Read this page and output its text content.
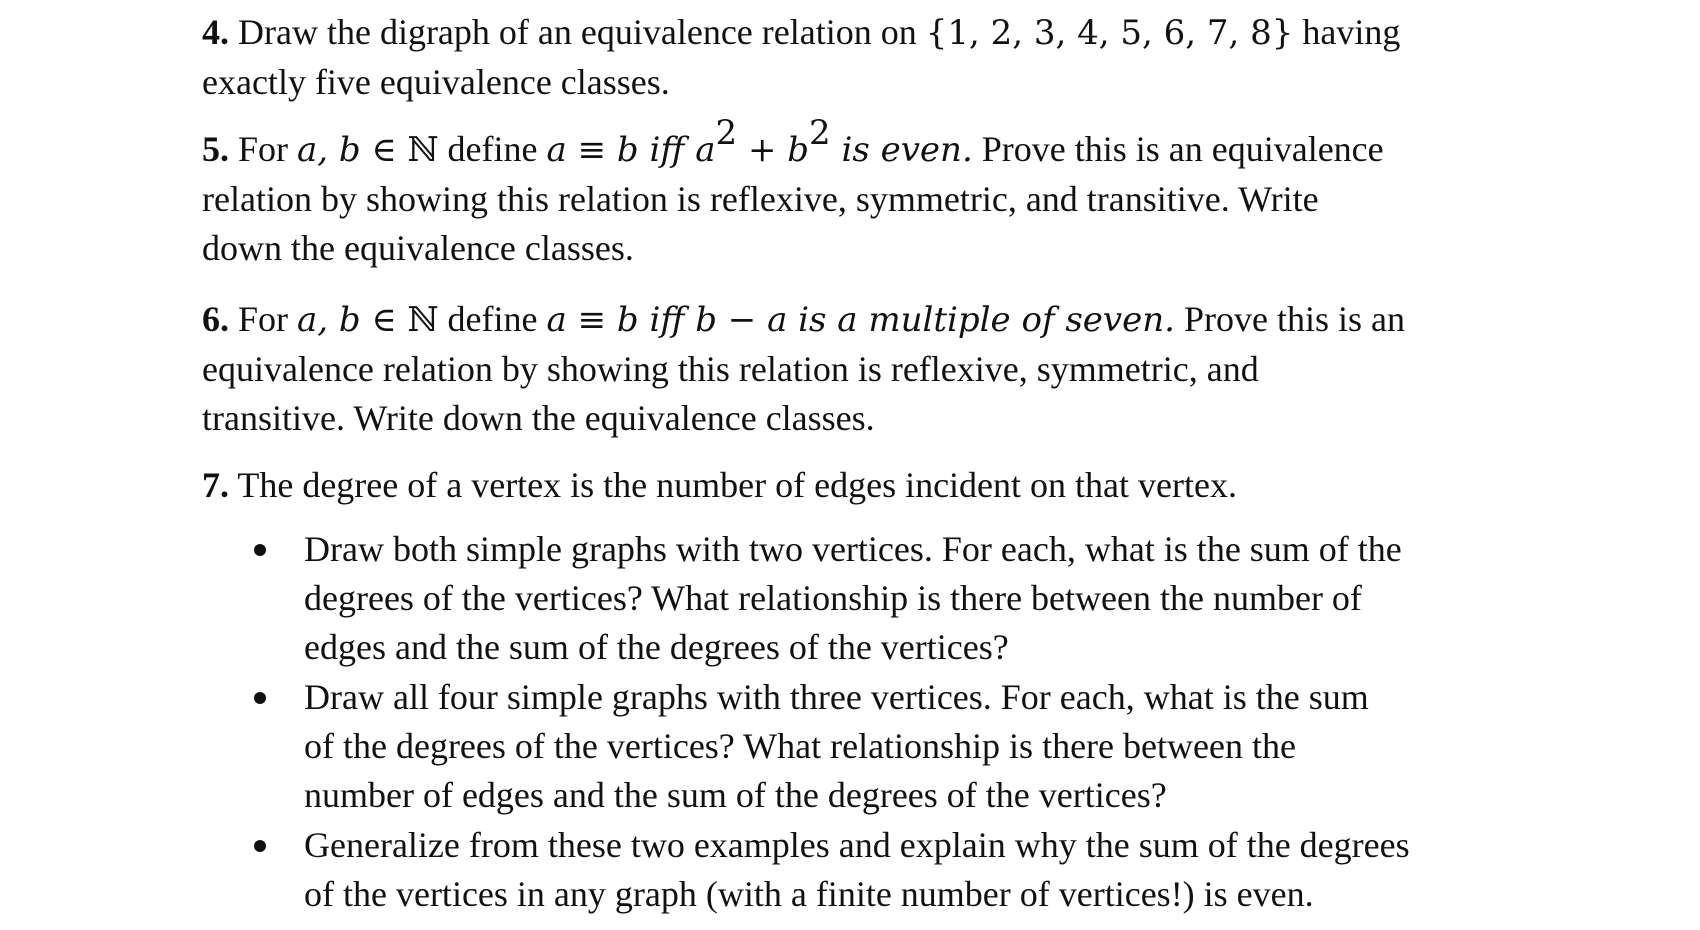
4. Draw the digraph of an equivalence relation on {1, 2, 3, 4, 5, 6, 7, 8} having
exactly five equivalence classes.

5. For a, b ∈ ℕ define a ≡ b iff $a^2 + b^2$ is even. Prove this is an equivalence
relation by showing this relation is reflexive, symmetric, and transitive. Write
down the equivalence classes.

6. For a, b ∈ ℕ define a ≡ b iff b − a is a multiple of seven. Prove this is an
equivalence relation by showing this relation is reflexive, symmetric, and
transitive. Write down the equivalence classes.

7. The degree of a vertex is the number of edges incident on that vertex.

Draw both simple graphs with two vertices. For each, what is the sum of the
degrees of the vertices? What relationship is there between the number of
edges and the sum of the degrees of the vertices?
Draw all four simple graphs with three vertices. For each, what is the sum
of the degrees of the vertices? What relationship is there between the
number of edges and the sum of the degrees of the vertices?
Generalize from these two examples and explain why the sum of the degrees
of the vertices in any graph (with a finite number of vertices!) is even.
